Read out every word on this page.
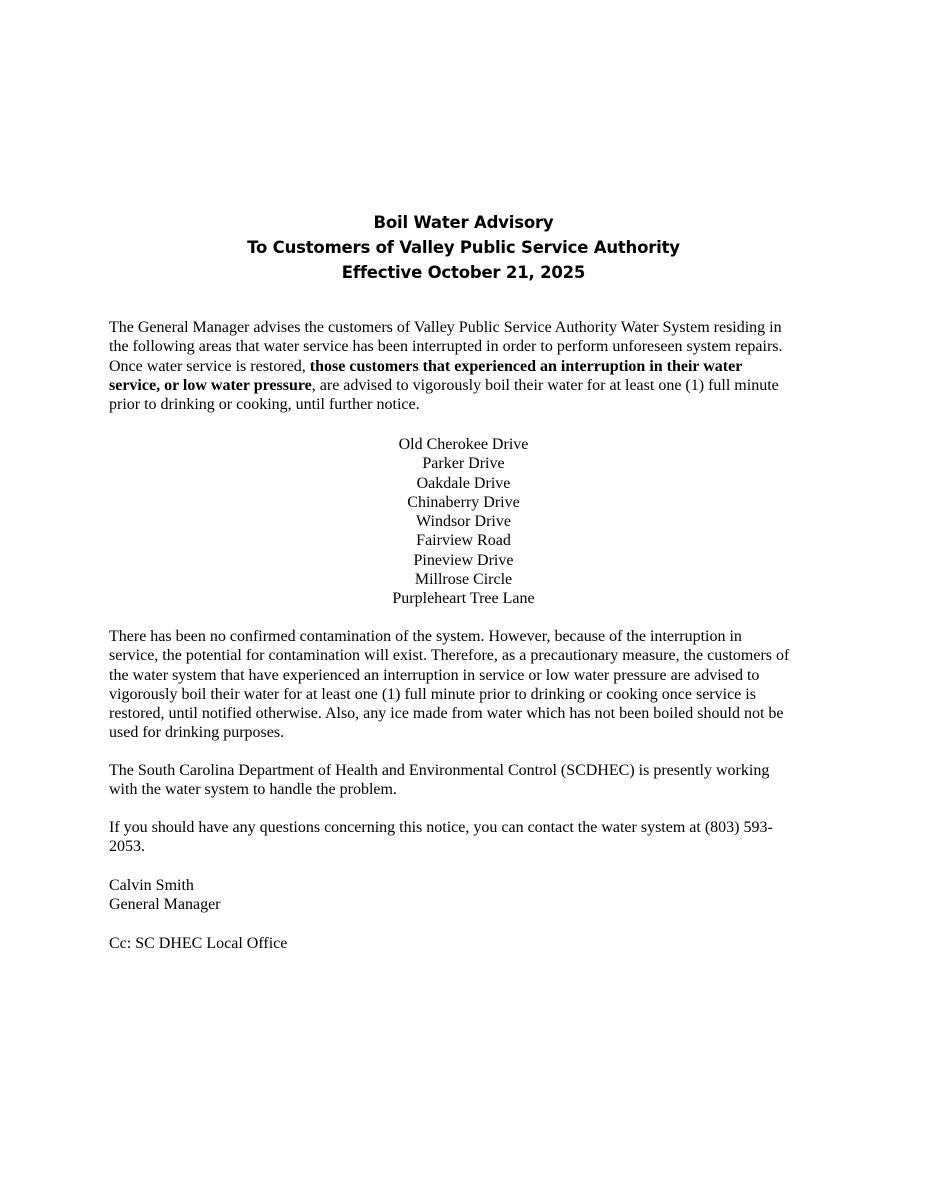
Boil Water Advisory
To Customers of Valley Public Service Authority
Effective October 21, 2025

The General Manager advises the customers of Valley Public Service Authority Water System residing in
the following areas that water service has been interrupted in order to perform unforeseen system repairs.
Once water service is restored, those customers that experienced an interruption in their water
service, or low water pressure, are advised to vigorously boil their water for at least one (1) full minute
prior to drinking or cooking, until further notice.

Old Cherokee Drive
Parker Drive
Oakdale Drive
Chinaberry Drive
Windsor Drive
Fairview Road
Pineview Drive
Millrose Circle
Purpleheart Tree Lane

There has been no confirmed contamination of the system. However, because of the interruption in
service, the potential for contamination will exist. Therefore, as a precautionary measure, the customers of
the water system that have experienced an interruption in service or low water pressure are advised to
vigorously boil their water for at least one (1) full minute prior to drinking or cooking once service is
restored, until notified otherwise. Also, any ice made from water which has not been boiled should not be
used for drinking purposes.

The South Carolina Department of Health and Environmental Control (SCDHEC) is presently working
with the water system to handle the problem.

If you should have any questions concerning this notice, you can contact the water system at (803) 593-
2053.

Calvin Smith
General Manager

Cc: SC DHEC Local Office
